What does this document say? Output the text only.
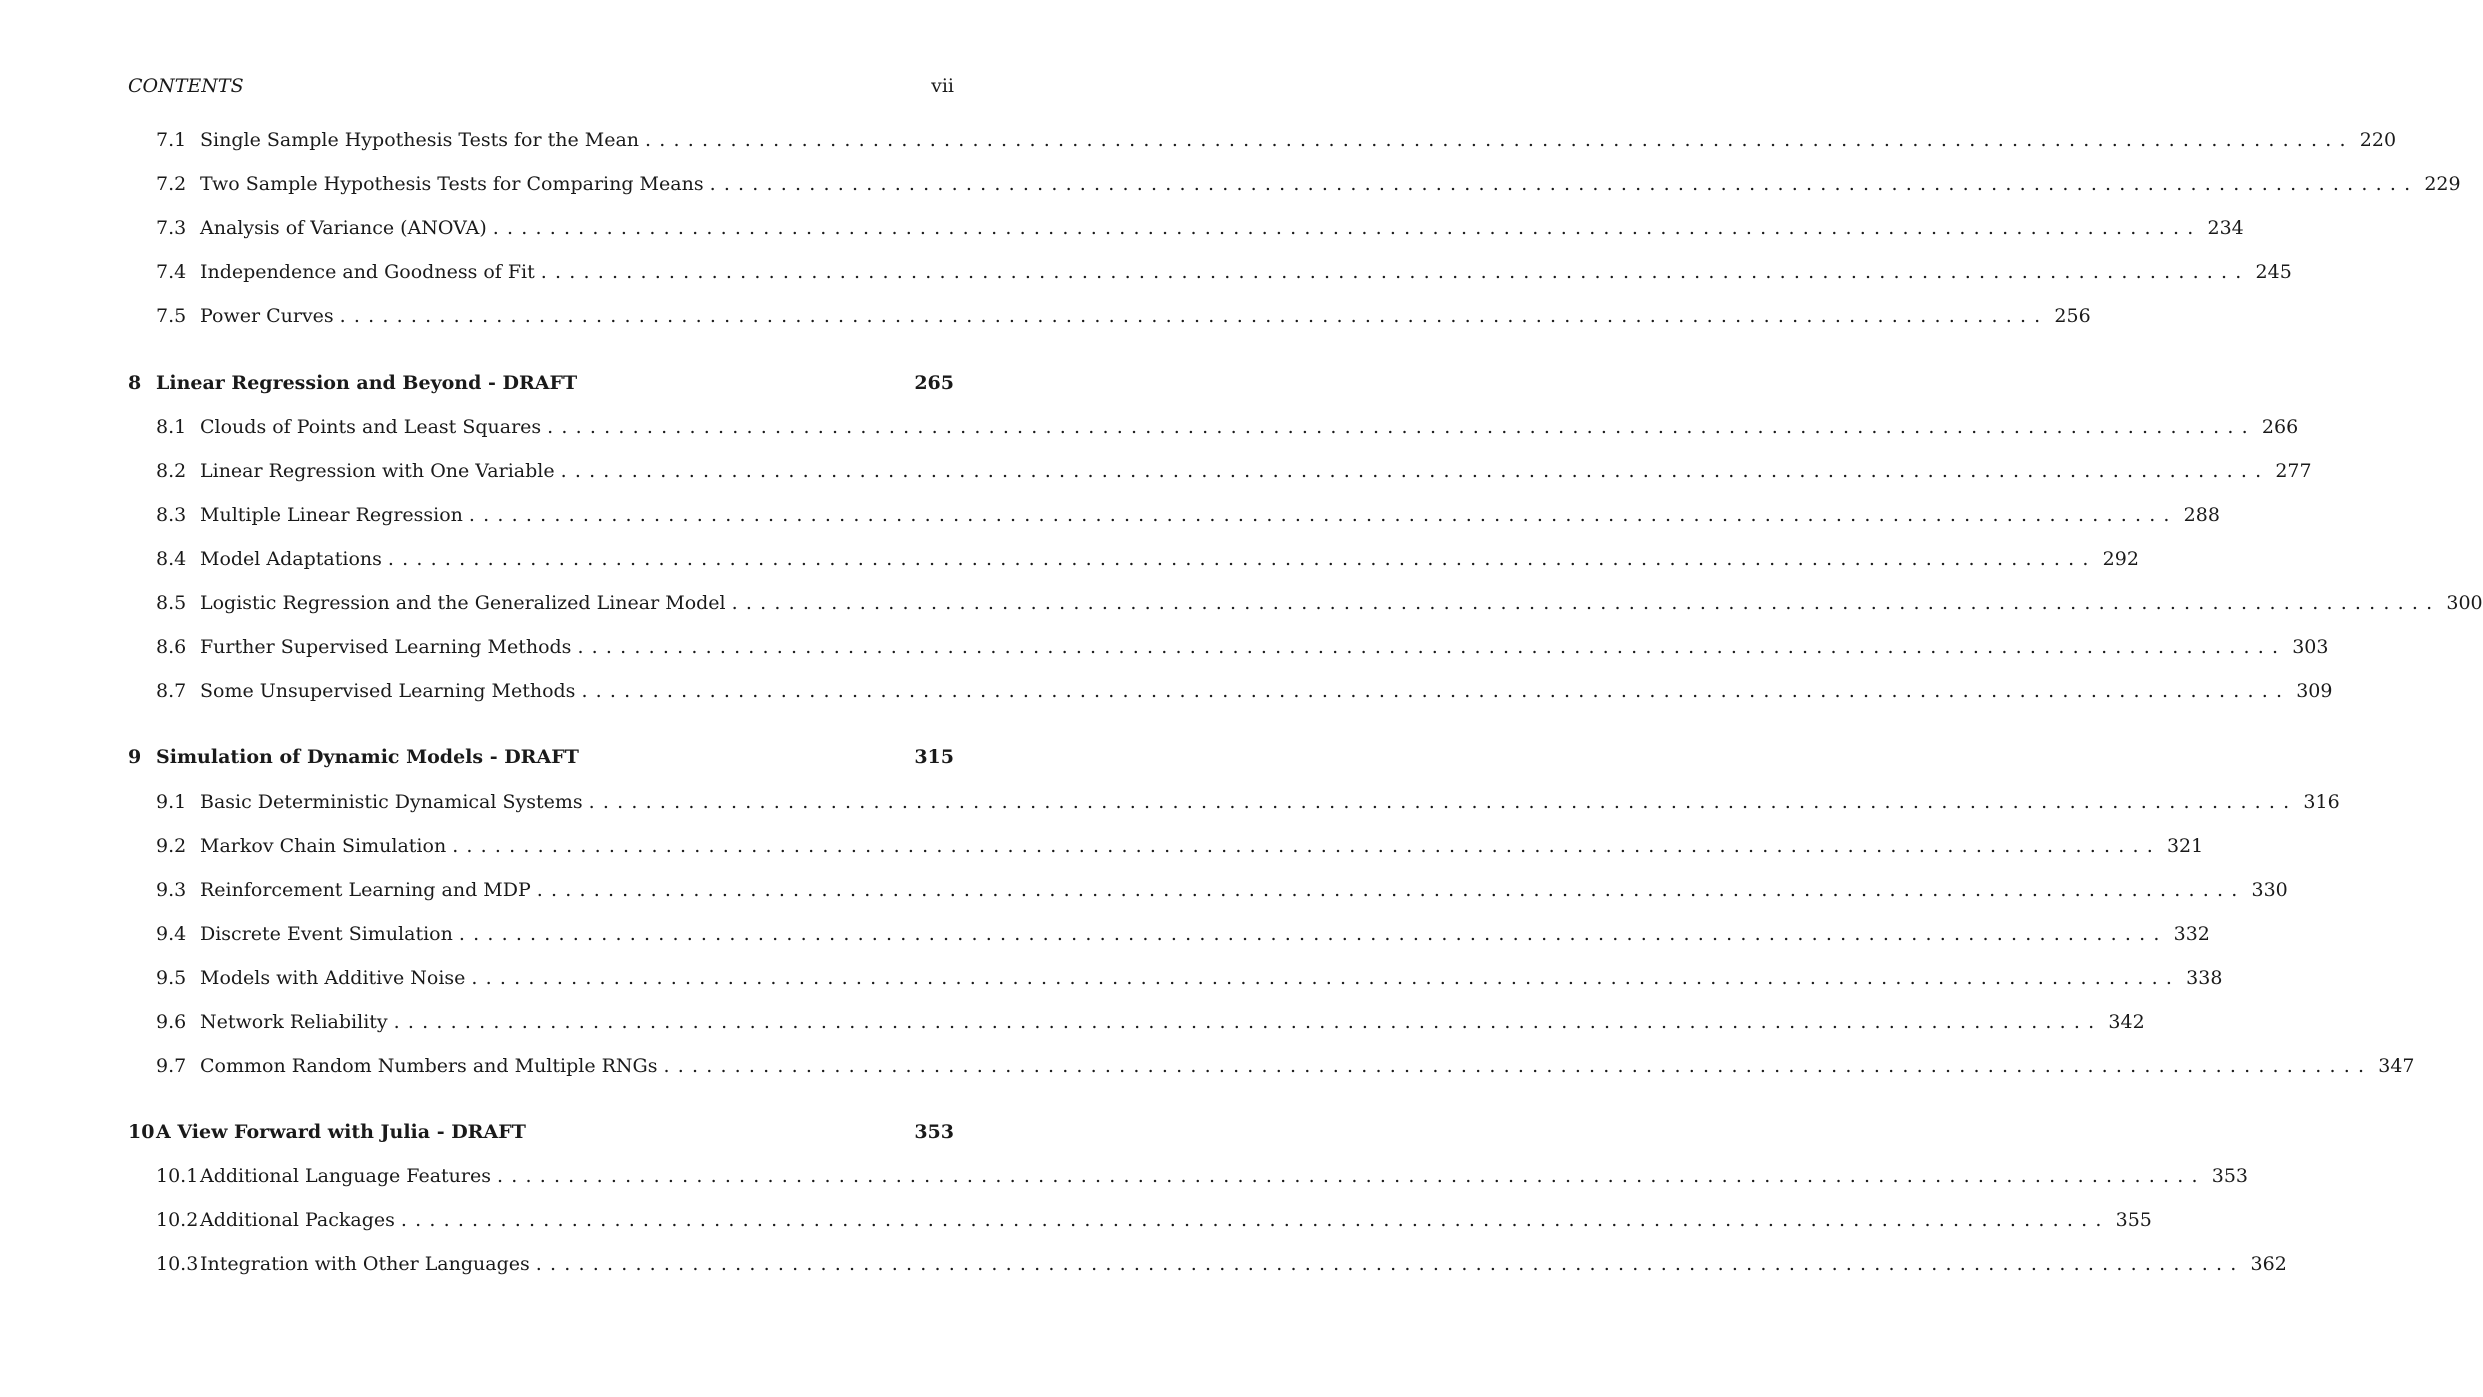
CONTENTS	vii
7.1 Single Sample Hypothesis Tests for the Mean ........................................................................................................................ 220
7.2 Two Sample Hypothesis Tests for Comparing Means ........................................................................................................................ 229
7.3 Analysis of Variance (ANOVA) ........................................................................................................................ 234
7.4 Independence and Goodness of Fit ........................................................................................................................ 245
7.5 Power Curves ........................................................................................................................ 256
8 Linear Regression and Beyond - DRAFT	265
8.1 Clouds of Points and Least Squares ........................................................................................................................ 266
8.2 Linear Regression with One Variable ........................................................................................................................ 277
8.3 Multiple Linear Regression ........................................................................................................................ 288
8.4 Model Adaptations ........................................................................................................................ 292
8.5 Logistic Regression and the Generalized Linear Model ........................................................................................................................ 300
8.6 Further Supervised Learning Methods ........................................................................................................................ 303
8.7 Some Unsupervised Learning Methods ........................................................................................................................ 309
9 Simulation of Dynamic Models - DRAFT	315
9.1 Basic Deterministic Dynamical Systems ........................................................................................................................ 316
9.2 Markov Chain Simulation ........................................................................................................................ 321
9.3 Reinforcement Learning and MDP ........................................................................................................................ 330
9.4 Discrete Event Simulation ........................................................................................................................ 332
9.5 Models with Additive Noise ........................................................................................................................ 338
9.6 Network Reliability ........................................................................................................................ 342
9.7 Common Random Numbers and Multiple RNGs ........................................................................................................................ 347
10 A View Forward with Julia - DRAFT	353
10.1 Additional Language Features ........................................................................................................................ 353
10.2 Additional Packages ........................................................................................................................ 355
10.3 Integration with Other Languages ........................................................................................................................ 362
